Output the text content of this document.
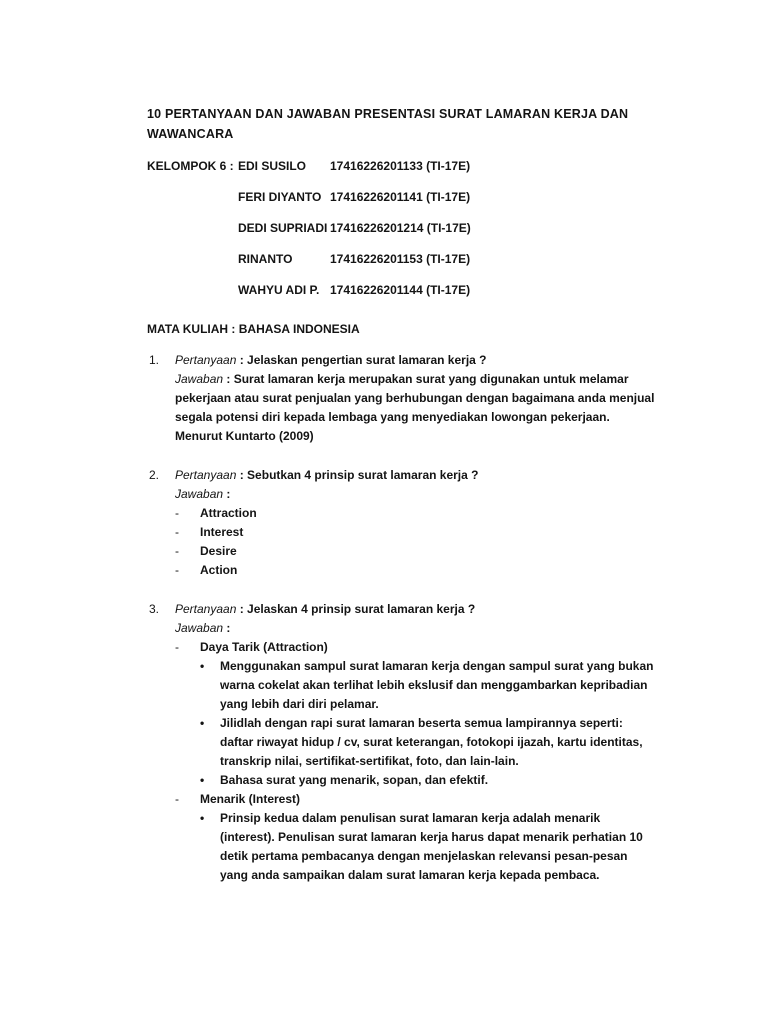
10 PERTANYAAN DAN JAWABAN PRESENTASI SURAT LAMARAN KERJA DAN WAWANCARA
KELOMPOK 6 : EDI SUSILO	17416226201133 (TI-17E)
FERI DIYANTO 17416226201141 (TI-17E)
DEDI SUPRIADI 17416226201214 (TI-17E)
RINANTO	17416226201153 (TI-17E)
WAHYU ADI P. 17416226201144 (TI-17E)
MATA KULIAH : BAHASA INDONESIA
1.	Pertanyaan : Jelaskan pengertian surat lamaran kerja ?
Jawaban : Surat lamaran kerja merupakan surat yang digunakan untuk melamar pekerjaan atau surat penjualan yang berhubungan dengan bagaimana anda menjual segala potensi diri kepada lembaga yang menyediakan lowongan pekerjaan. Menurut Kuntarto (2009)
2.	Pertanyaan : Sebutkan 4 prinsip surat lamaran kerja ?
Jawaban :
-	Attraction
-	Interest
-	Desire
-	Action
3.	Pertanyaan : Jelaskan 4 prinsip surat lamaran kerja ?
Jawaban :
-	Daya Tarik (Attraction)
•	Menggunakan sampul surat lamaran kerja dengan sampul surat yang bukan warna cokelat akan terlihat lebih ekslusif dan menggambarkan kepribadian yang lebih dari diri pelamar.
•	Jilidlah dengan rapi surat lamaran beserta semua lampirannya seperti: daftar riwayat hidup / cv, surat keterangan, fotokopi ijazah, kartu identitas, transkrip nilai, sertifikat-sertifikat, foto, dan lain-lain.
•	Bahasa surat yang menarik, sopan, dan efektif.
-	Menarik (Interest)
•	Prinsip kedua dalam penulisan surat lamaran kerja adalah menarik (interest). Penulisan surat lamaran kerja harus dapat menarik perhatian 10 detik pertama pembacanya dengan menjelaskan relevansi pesan-pesan yang anda sampaikan dalam surat lamaran kerja kepada pembaca.
